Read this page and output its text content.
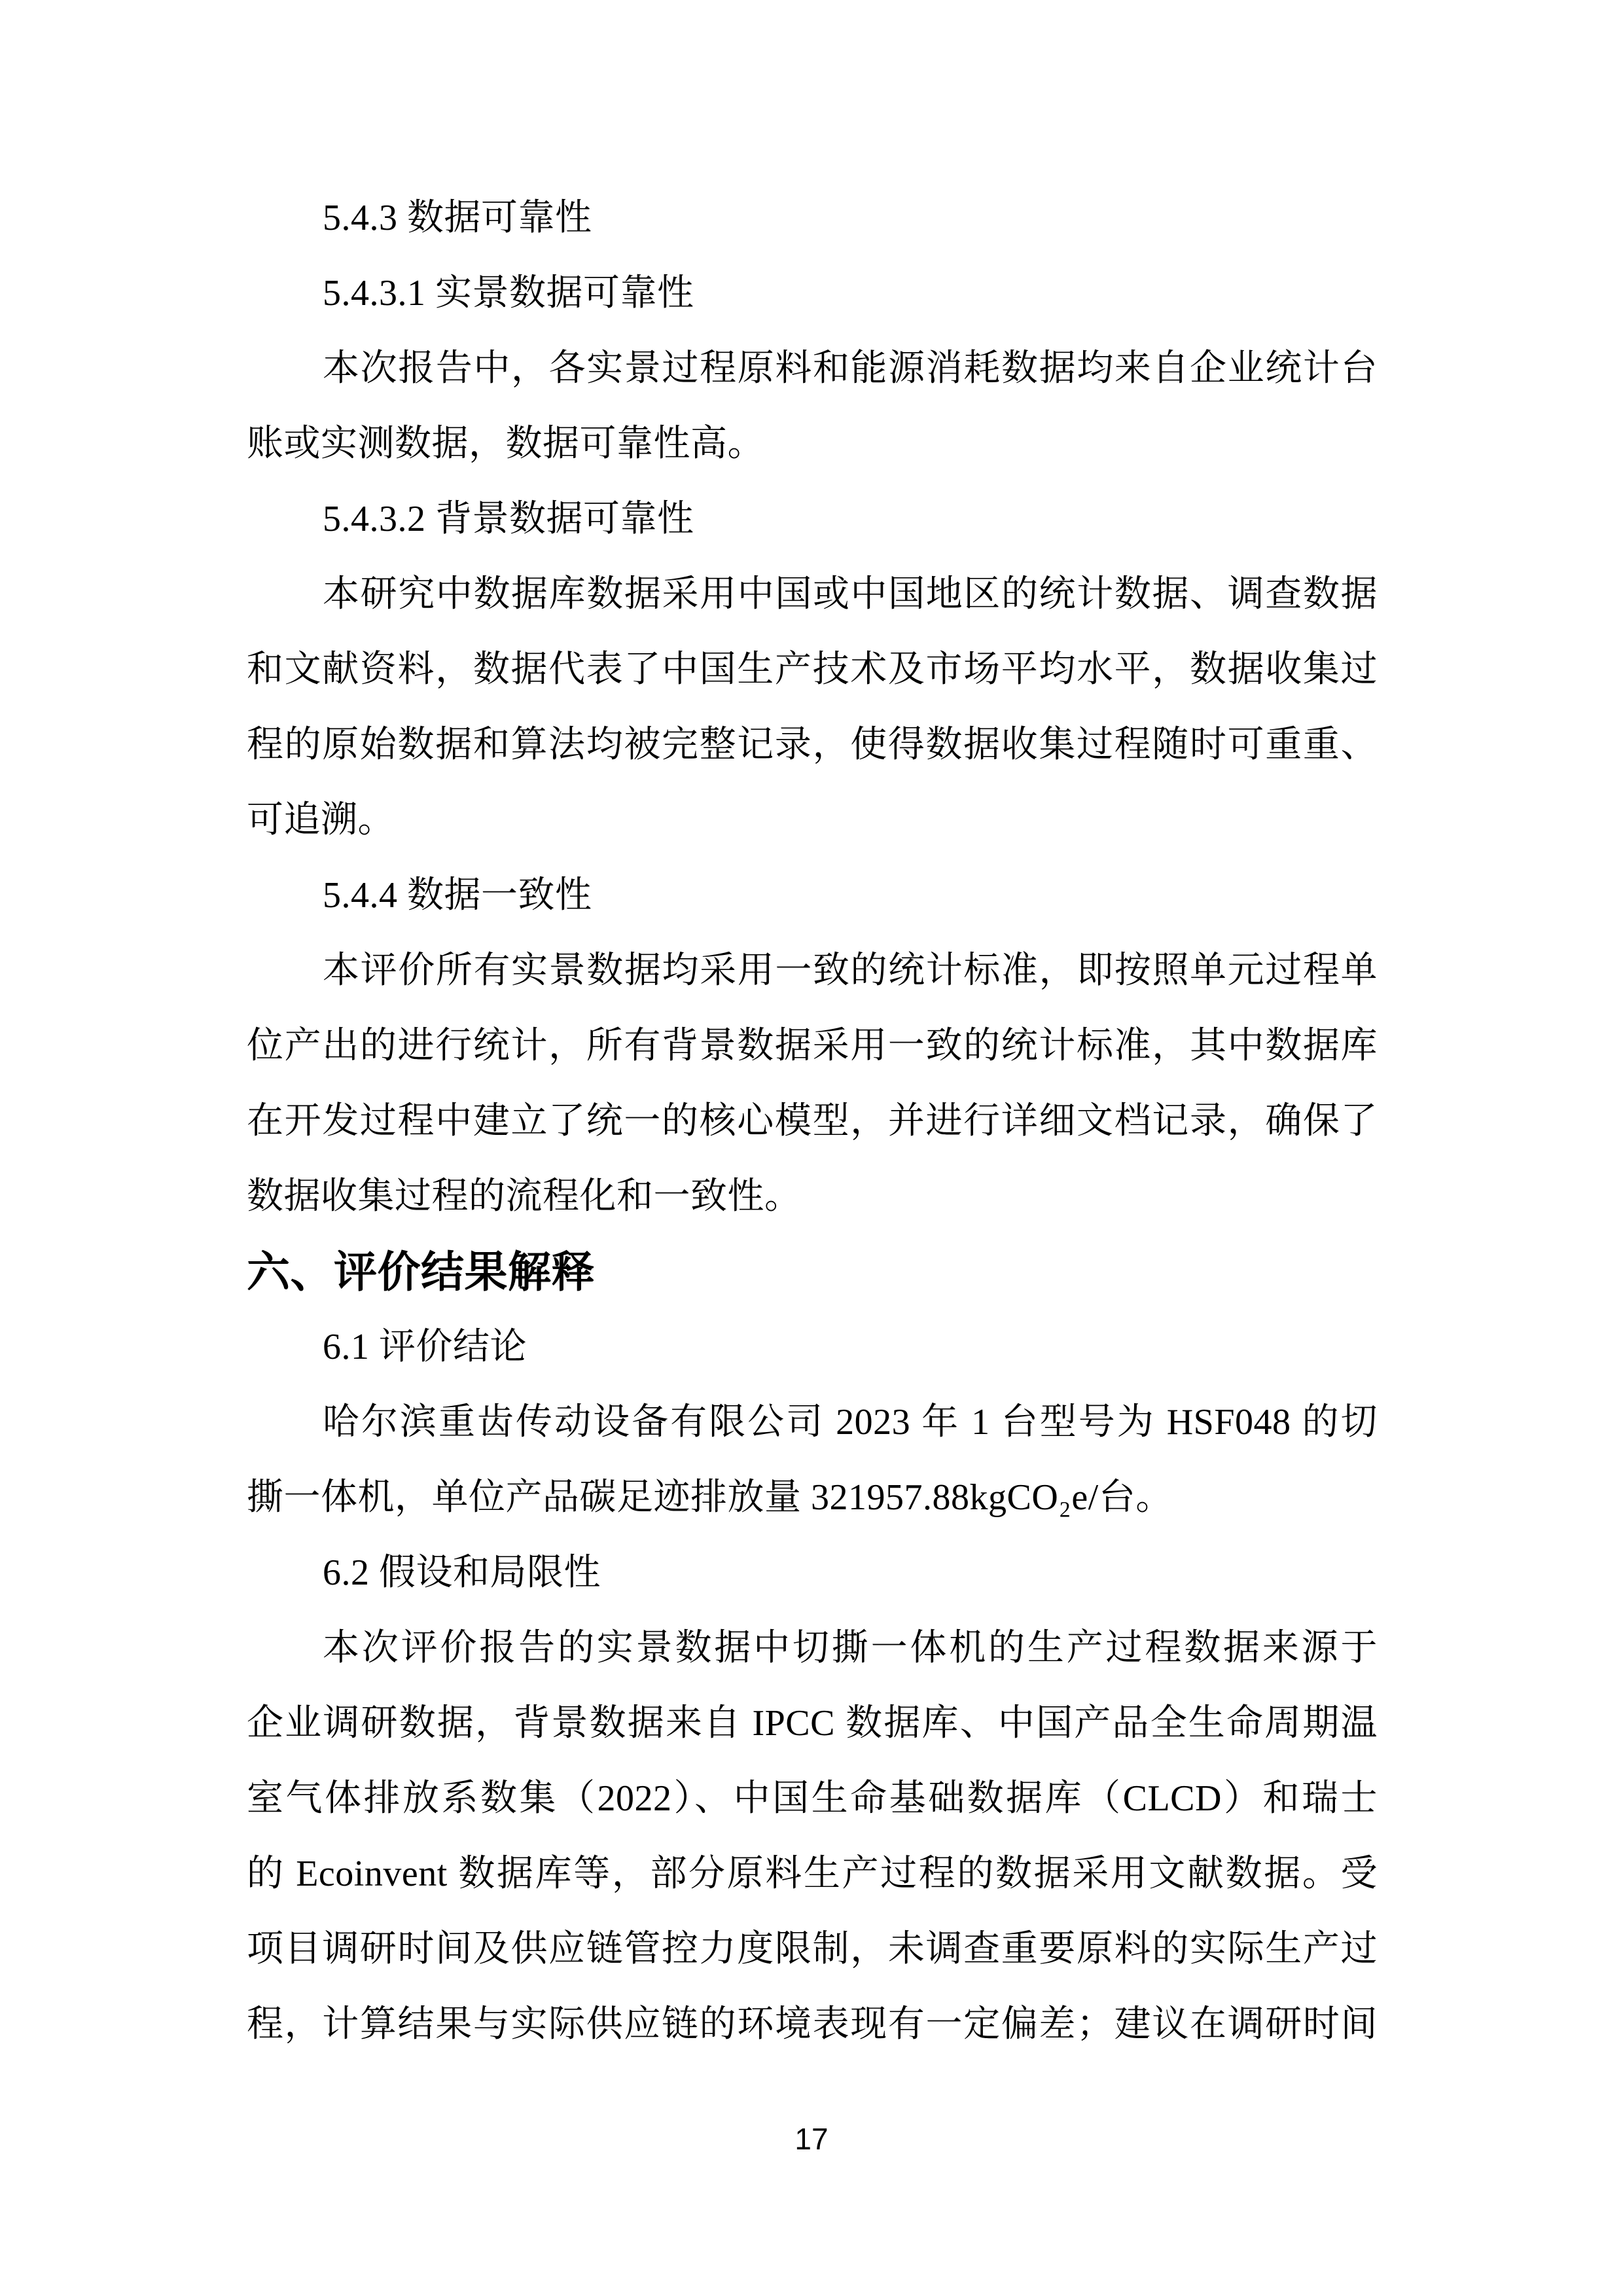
5.4.3 数据可靠性
5.4.3.1 实景数据可靠性
本次报告中，各实景过程原料和能源消耗数据均来自企业统计台
账或实测数据，数据可靠性高。
5.4.3.2 背景数据可靠性
本研究中数据库数据采用中国或中国地区的统计数据、调查数据
和文献资料，数据代表了中国生产技术及市场平均水平，数据收集过
程的原始数据和算法均被完整记录，使得数据收集过程随时可重重、
可追溯。
5.4.4 数据一致性
本评价所有实景数据均采用一致的统计标准，即按照单元过程单
位产出的进行统计，所有背景数据采用一致的统计标准，其中数据库
在开发过程中建立了统一的核心模型，并进行详细文档记录，确保了
数据收集过程的流程化和一致性。
六、评价结果解释
6.1 评价结论
哈尔滨重齿传动设备有限公司 2023 年 1 台型号为 HSF048 的切
撕一体机，单位产品碳足迹排放量 321957.88kgCO₂e/台。
6.2 假设和局限性
本次评价报告的实景数据中切撕一体机的生产过程数据来源于
企业调研数据，背景数据来自 IPCC 数据库、中国产品全生命周期温
室气体排放系数集（2022）、中国生命基础数据库（CLCD）和瑞士
的 Ecoinvent 数据库等，部分原料生产过程的数据采用文献数据。受
项目调研时间及供应链管控力度限制，未调查重要原料的实际生产过
程，计算结果与实际供应链的环境表现有一定偏差；建议在调研时间
17
